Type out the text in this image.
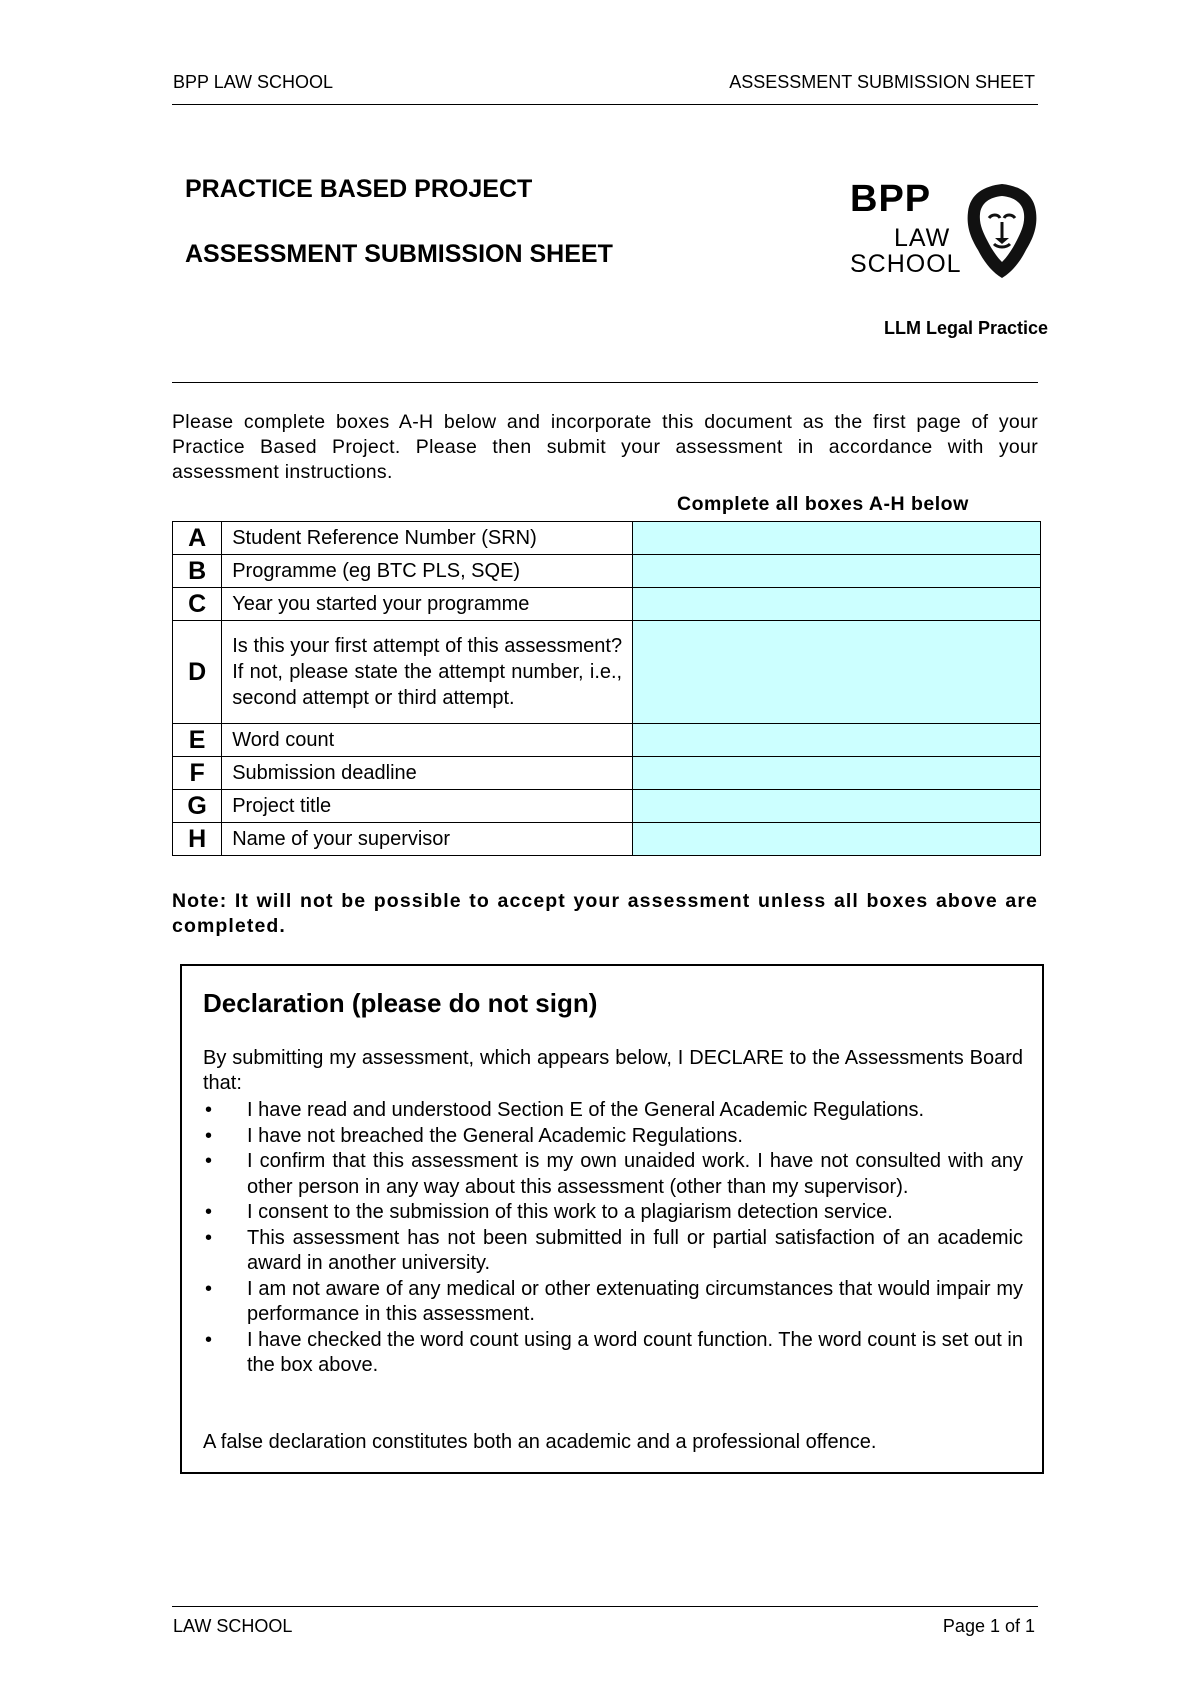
BPP LAW SCHOOL	ASSESSMENT SUBMISSION SHEET
PRACTICE BASED PROJECT
ASSESSMENT SUBMISSION SHEET
BPP
LAW
SCHOOL
LLM Legal Practice
Please complete boxes A-H below and incorporate this document as the first page of your Practice Based Project. Please then submit your assessment in accordance with your assessment instructions.
Complete all boxes A-H below
A	Student Reference Number (SRN)	
B	Programme (eg BTC PLS, SQE)	
C	Year you started your programme	
D	Is this your first attempt of this assessment? If not, please state the attempt number, i.e., second attempt or third attempt.	
E	Word count	
F	Submission deadline	
G	Project title	
H	Name of your supervisor	
Note: It will not be possible to accept your assessment unless all boxes above are completed.
Declaration (please do not sign)
By submitting my assessment, which appears below, I DECLARE to the Assessments Board that:
• I have read and understood Section E of the General Academic Regulations.
• I have not breached the General Academic Regulations.
• I confirm that this assessment is my own unaided work. I have not consulted with any other person in any way about this assessment (other than my supervisor).
• I consent to the submission of this work to a plagiarism detection service.
• This assessment has not been submitted in full or partial satisfaction of an academic award in another university.
• I am not aware of any medical or other extenuating circumstances that would impair my performance in this assessment.
• I have checked the word count using a word count function. The word count is set out in the box above.
A false declaration constitutes both an academic and a professional offence.
LAW SCHOOL	Page 1 of 1
